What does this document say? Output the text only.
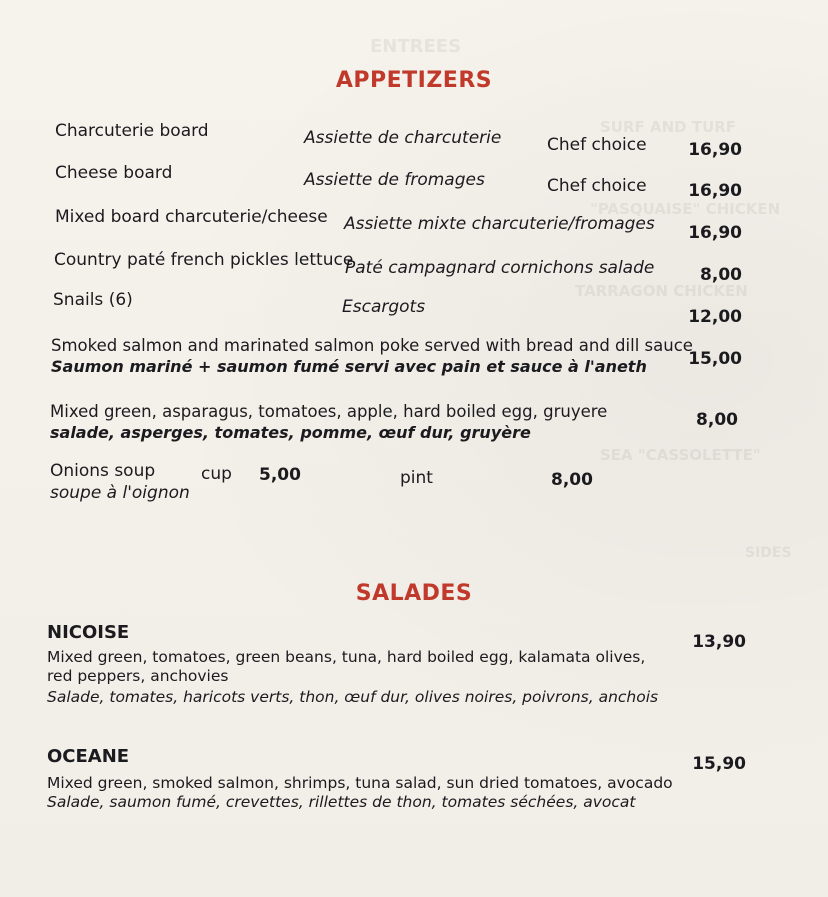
ENTREES
SURF AND TURF
"PASQUAISE" CHICKEN
TARRAGON CHICKEN
SEA "CASSOLETTE"
SIDES
APPETIZERS
Charcuterie board	Assiette de charcuterie	Chef choice	16,90
Cheese board	Assiette de fromages	Chef choice	16,90
Mixed board charcuterie/cheese Assiette mixte charcuterie/fromages	16,90
Country paté french pickles lettuce
Paté campagnard cornichons salade	8,00
Snails (6)	Escargots	12,00
Smoked salmon and marinated salmon poke served with bread and dill sauce
15,00
Saumon mariné + saumon fumé servi avec pain et sauce à l'aneth
Mixed green, asparagus, tomatoes, apple, hard boiled egg, gruyere	8,00
salade, asperges, tomates, pomme, œuf dur, gruyère
Onions soup	cup 5,00	pint	8,00
soupe à l'oignon
SALADES
NICOISE	13,90
Mixed green, tomatoes, green beans, tuna, hard boiled egg, kalamata olives,
red peppers, anchovies
Salade, tomates, haricots verts, thon, œuf dur, olives noires, poivrons, anchois
OCEANE	15,90
Mixed green, smoked salmon, shrimps, tuna salad, sun dried tomatoes, avocado
Salade, saumon fumé, crevettes, rillettes de thon, tomates séchées, avocat
